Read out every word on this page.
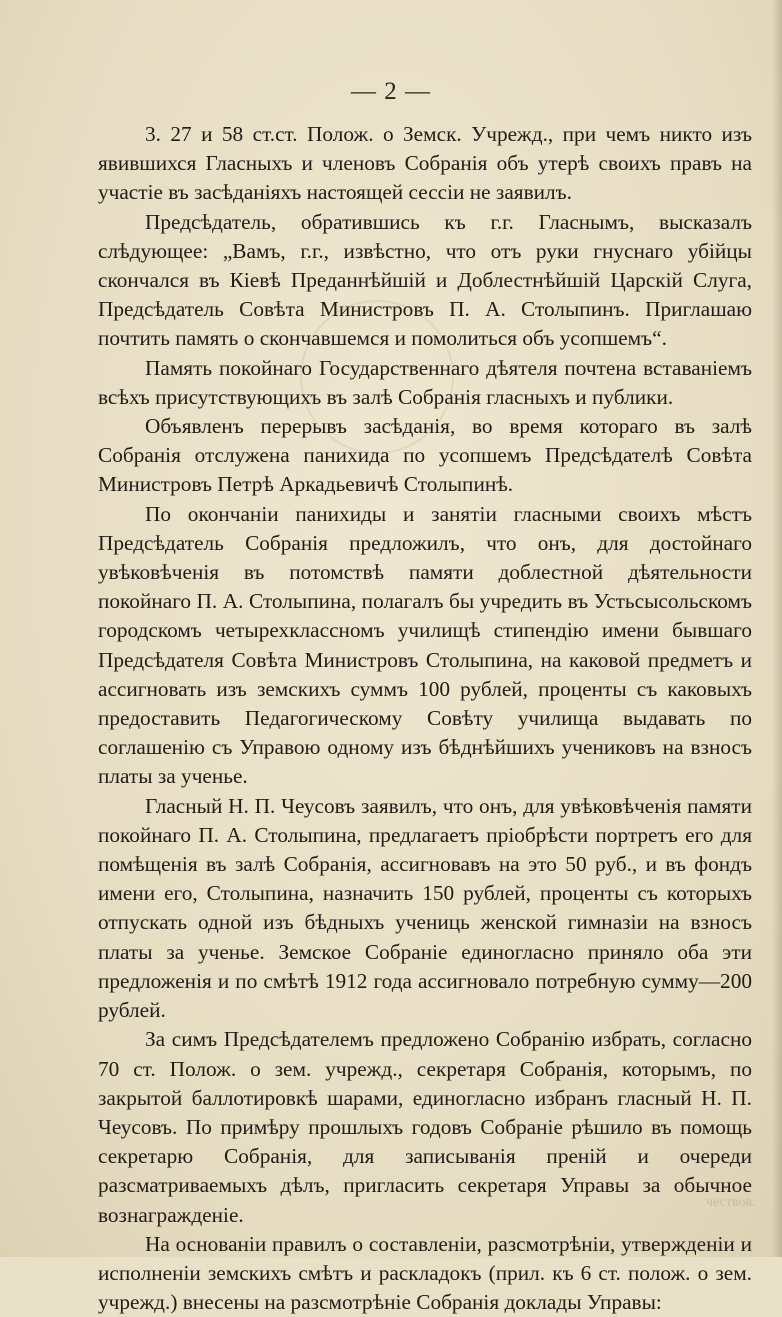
чествов.
— 2 —

3. 27 и 58 ст.ст. Полож. о Земск. Учрежд., при чемъ никто изъ явившихся Гласныхъ и членовъ Собранія объ утерѣ своихъ правъ на участіе въ засѣданіяхъ настоящей сессіи не заявилъ.

Предсѣдатель, обратившись къ г.г. Гласнымъ, высказалъ слѣдующее: „Вамъ, г.г., извѣстно, что отъ руки гнуснаго убійцы скончался въ Кіевѣ Преданнѣйшій и Доблестнѣйшій Царскій Слуга, Предсѣдатель Совѣта Министровъ П. А. Столыпинъ. Приглашаю почтить память о скончавшемся и помолиться объ усопшемъ“.

Память покойнаго Государственнаго дѣятеля почтена вставаніемъ всѣхъ присутствующихъ въ залѣ Собранія гласныхъ и публики.

Объявленъ перерывъ засѣданія, во время котораго въ залѣ Собранія отслужена панихида по усопшемъ Предсѣдателѣ Совѣта Министровъ Петрѣ Аркадьевичѣ Столыпинѣ.

По окончаніи панихиды и занятіи гласными своихъ мѣстъ Предсѣдатель Собранія предложилъ, что онъ, для достойнаго увѣковѣченія въ потомствѣ памяти доблестной дѣятельности покойнаго П. А. Столыпина, полагалъ бы учредить въ Устьсысольскомъ городскомъ четырехклассномъ училищѣ стипендію имени бывшаго Предсѣдателя Совѣта Министровъ Столыпина, на каковой предметъ и ассигновать изъ земскихъ суммъ 100 рублей, проценты съ каковыхъ предоставить Педагогическому Совѣту училища выдавать по соглашенію съ Управою одному изъ бѣднѣйшихъ учениковъ на взносъ платы за ученье.

Гласный Н. П. Чеусовъ заявилъ, что онъ, для увѣковѣченія памяти покойнаго П. А. Столыпина, предлагаетъ пріобрѣсти портретъ его для помѣщенія въ залѣ Собранія, ассигновавъ на это 50 руб., и въ фондъ имени его, Столыпина, назначить 150 рублей, проценты съ которыхъ отпускать одной изъ бѣдныхъ учениць женской гимназіи на взносъ платы за ученье. Земское Собраніе единогласно приняло оба эти предложенія и по смѣтѣ 1912 года ассигновало потребную сумму—200 рублей.

За симъ Предсѣдателемъ предложено Собранію избрать, согласно 70 ст. Полож. о зем. учрежд., секретаря Собранія, которымъ, по закрытой баллотировкѣ шарами, единогласно избранъ гласный Н. П. Чеусовъ. По примѣру прошлыхъ годовъ Собраніе рѣшило въ помощь секретарю Собранія, для записыванія преній и очереди разсматриваемыхъ дѣлъ, пригласить секретаря Управы за обычное вознагражденіе.

На основаніи правилъ о составленіи, разсмотрѣніи, утвержденіи и исполненіи земскихъ смѣтъ и раскладокъ (прил. къ 6 ст. полож. о зем. учрежд.) внесены на разсмотрѣніе Собранія доклады Управы:
